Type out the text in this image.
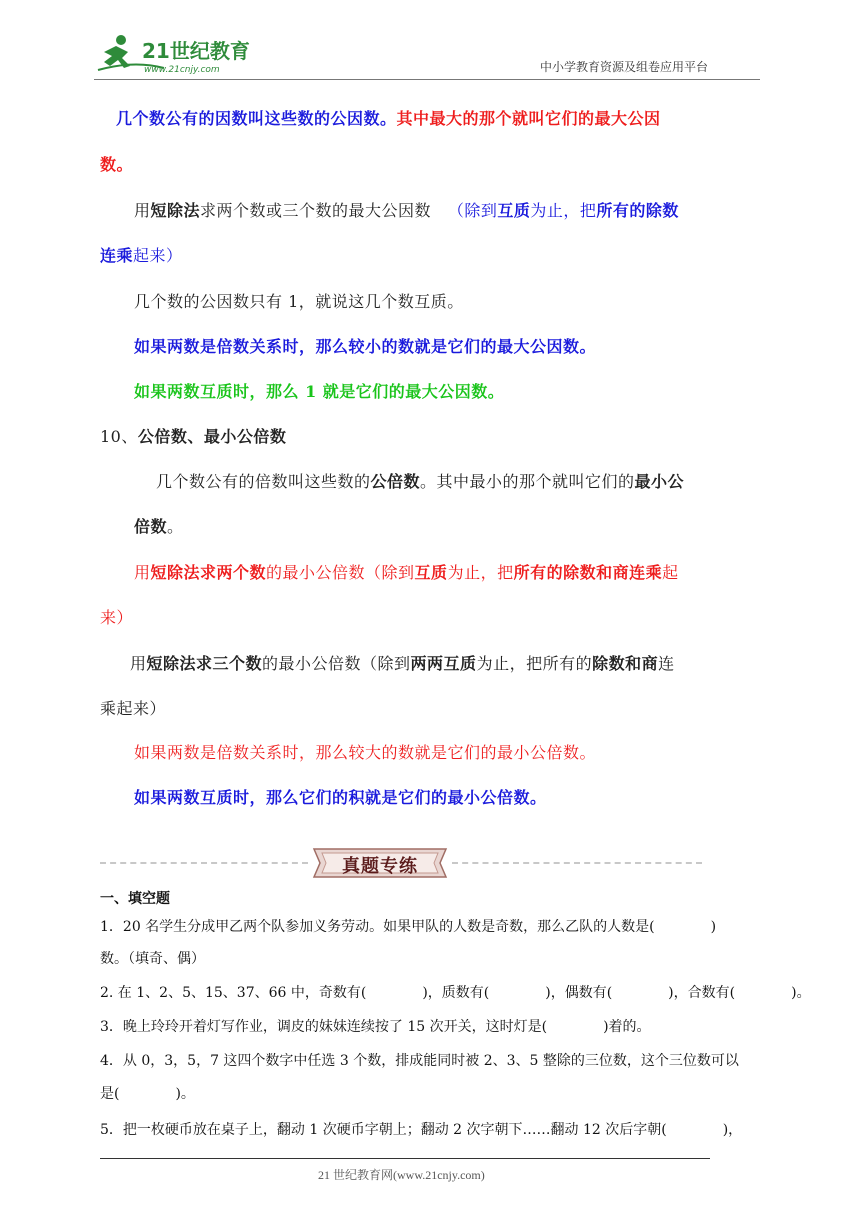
21世纪教育
www.21cnjy.com	中小学教育资源及组卷应用平台
几个数公有的因数叫这些数的公因数。其中最大的那个就叫它们的最大公因
数。
用短除法求两个数或三个数的最大公因数 （除到互质为止，把所有的除数
连乘起来）
几个数的公因数只有 1，就说这几个数互质。
如果两数是倍数关系时，那么较小的数就是它们的最大公因数。
如果两数互质时，那么 1 就是它们的最大公因数。
10、公倍数、最小公倍数
几个数公有的倍数叫这些数的公倍数。其中最小的那个就叫它们的最小公
倍数。
用短除法求两个数的最小公倍数（除到互质为止，把所有的除数和商连乘起
来）
用短除法求三个数的最小公倍数（除到两两互质为止，把所有的除数和商连
乘起来）
如果两数是倍数关系时，那么较大的数就是它们的最小公倍数。
如果两数互质时，那么它们的积就是它们的最小公倍数。
真题专练
一、填空题
1．20 名学生分成甲乙两个队参加义务劳动。如果甲队的人数是奇数，那么乙队的人数是(　　　　)
数。（填奇、偶）
2. 在 1、2、5、15、37、66 中，奇数有(　　　　)，质数有(　　　　)，偶数有(　　　　)，合数有(　　　　)。
3．晚上玲玲开着灯写作业，调皮的妹妹连续按了 15 次开关，这时灯是(　　　　)着的。
4．从 0，3，5，7 这四个数字中任选 3 个数，排成能同时被 2、3、5 整除的三位数，这个三位数可以
是(　　　　)。
5．把一枚硬币放在桌子上，翻动 1 次硬币字朝上；翻动 2 次字朝下……翻动 12 次后字朝(　　　　)，
21 世纪教育网(www.21cnjy.com)
